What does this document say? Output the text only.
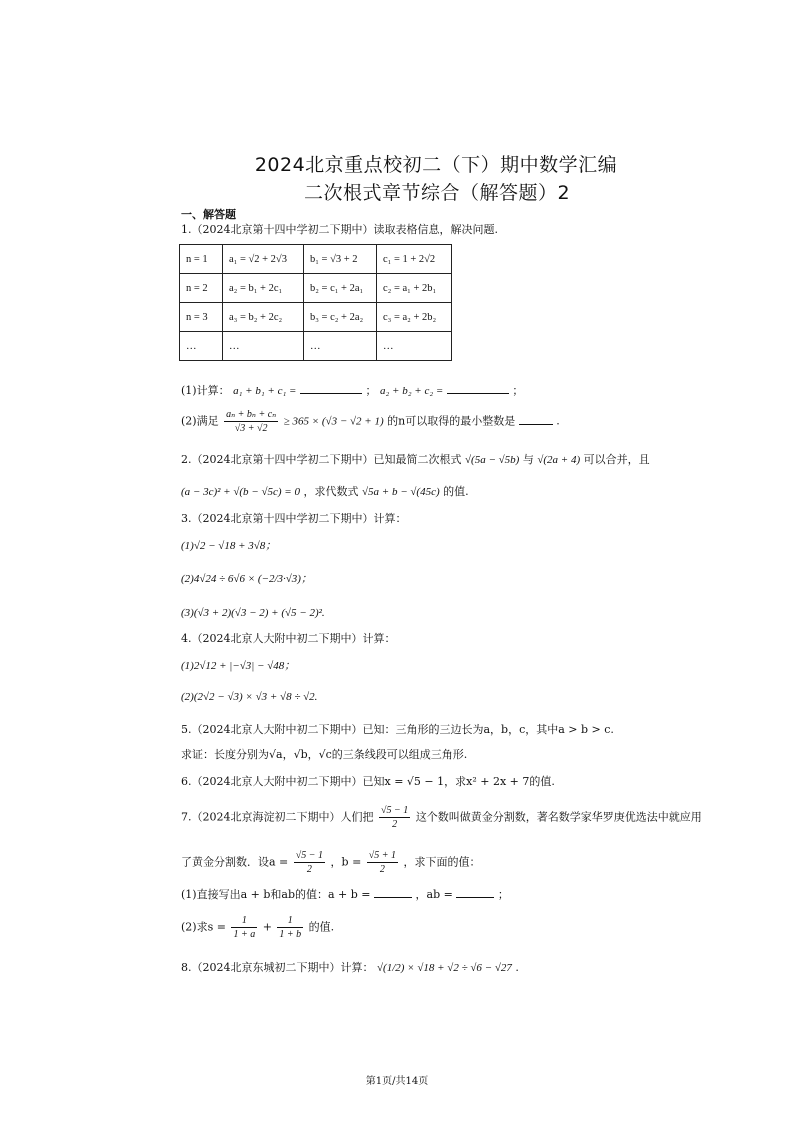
2024北京重点校初二（下）期中数学汇编
二次根式章节综合（解答题）2
一、解答题
1.（2024北京第十四中学初二下期中）读取表格信息，解决问题.
n = 1	a₁ = √2 + 2√3	b₁ = √3 + 2	c₁ = 1 + 2√2
n = 2	a₂ = b₁ + 2c₁	b₂ = c₁ + 2a₁	c₂ = a₁ + 2b₁
n = 3	a₃ = b₂ + 2c₂	b₃ = c₂ + 2a₂	c₃ = a₂ + 2b₂
…	…	…	…
(1)计算： a₁ + b₁ + c₁ =	； a₂ + b₂ + c₂ =	；
(2)满足 $\frac{\text{aₙ + bₙ + cₙ}}{√3 + √2} \ge 365 \times (√3 - √2 + 1)$ 的n可以取得的最小整数是	.
2.（2024北京第十四中学初二下期中）已知最简二次根式 √(5a − √5b) 与 √(2a + 4) 可以合并，且
(a − 3c)² + √(b − √5c) = 0 ，求代数式 √5a + b − √(45c) 的值.
3.（2024北京第十四中学初二下期中）计算：
(1)√2 − √18 + 3√8；
(2)4√24 ÷ 6√6 × (−2/3·√3)；
(3)(√3 + 2)(√3 − 2) + (√5 − 2)².
4.（2024北京人大附中初二下期中）计算：
(1)2√12 + |−√3| − √48；
(2)(2√2 − √3) × √3 + √8 ÷ √2.
5.（2024北京人大附中初二下期中）已知：三角形的三边长为a，b，c，其中a > b > c.
求证：长度分别为√a，√b，√c的三条线段可以组成三角形.
6.（2024北京人大附中初二下期中）已知x = √5 − 1，求x² + 2x + 7的值.
7.（2024北京海淀初二下期中）人们把 $\frac{√5 - 1}{2}$ 这个数叫做黄金分割数，著名数学家华罗庚优选法中就应用
了黄金分割数．设$a = \frac{√5 - 1}{2}$ ，$b = \frac{√5 + 1}{2}$ ，求下面的值：
(1)直接写出a + b和ab的值：a + b =	，ab =	；
(2)求$s = \frac{1}{1 + a} + \frac{1}{1 + b}$ 的值.
8.（2024北京东城初二下期中）计算： √(1/2) × √18 + √2 ÷ √6 − √27 .
第1页/共14页
